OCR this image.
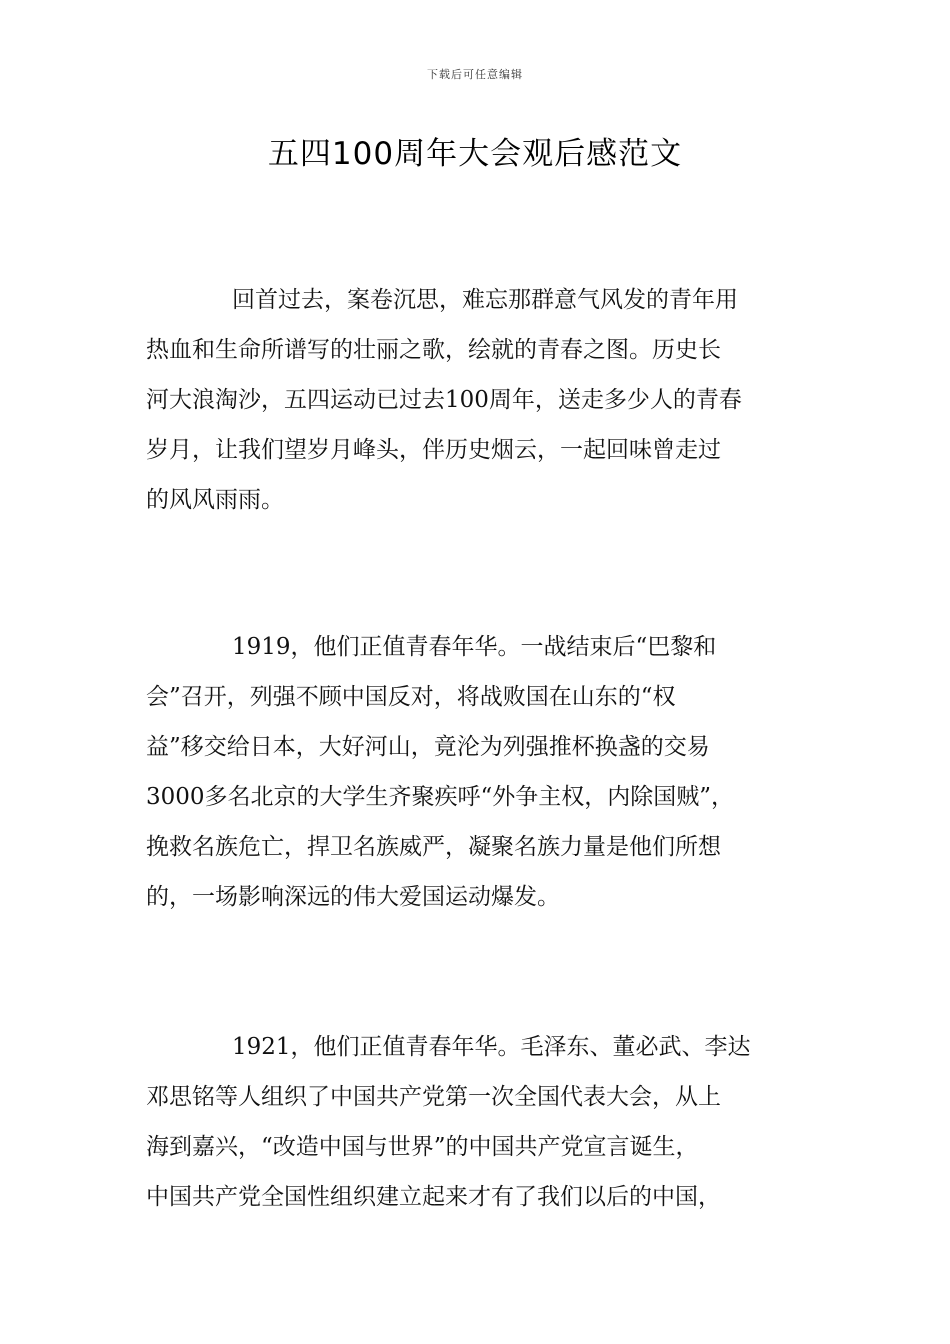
下载后可任意编辑
五四100周年大会观后感范文

回首过去，案卷沉思，难忘那群意气风发的青年用
热血和生命所谱写的壮丽之歌，绘就的青春之图。历史长
河大浪淘沙，五四运动已过去100周年，送走多少人的青春
岁月，让我们望岁月峰头，伴历史烟云，一起回味曾走过
的风风雨雨。

1919，他们正值青春年华。一战结束后“巴黎和
会”召开，列强不顾中国反对，将战败国在山东的“权
益”移交给日本，大好河山，竟沦为列强推杯换盏的交易
3000多名北京的大学生齐聚疾呼“外争主权，内除国贼”，
挽救名族危亡，捍卫名族威严，凝聚名族力量是他们所想
的，一场影响深远的伟大爱国运动爆发。

1921，他们正值青春年华。毛泽东、董必武、李达
邓思铭等人组织了中国共产党第一次全国代表大会，从上
海到嘉兴，“改造中国与世界”的中国共产党宣言诞生，
中国共产党全国性组织建立起来才有了我们以后的中国，
